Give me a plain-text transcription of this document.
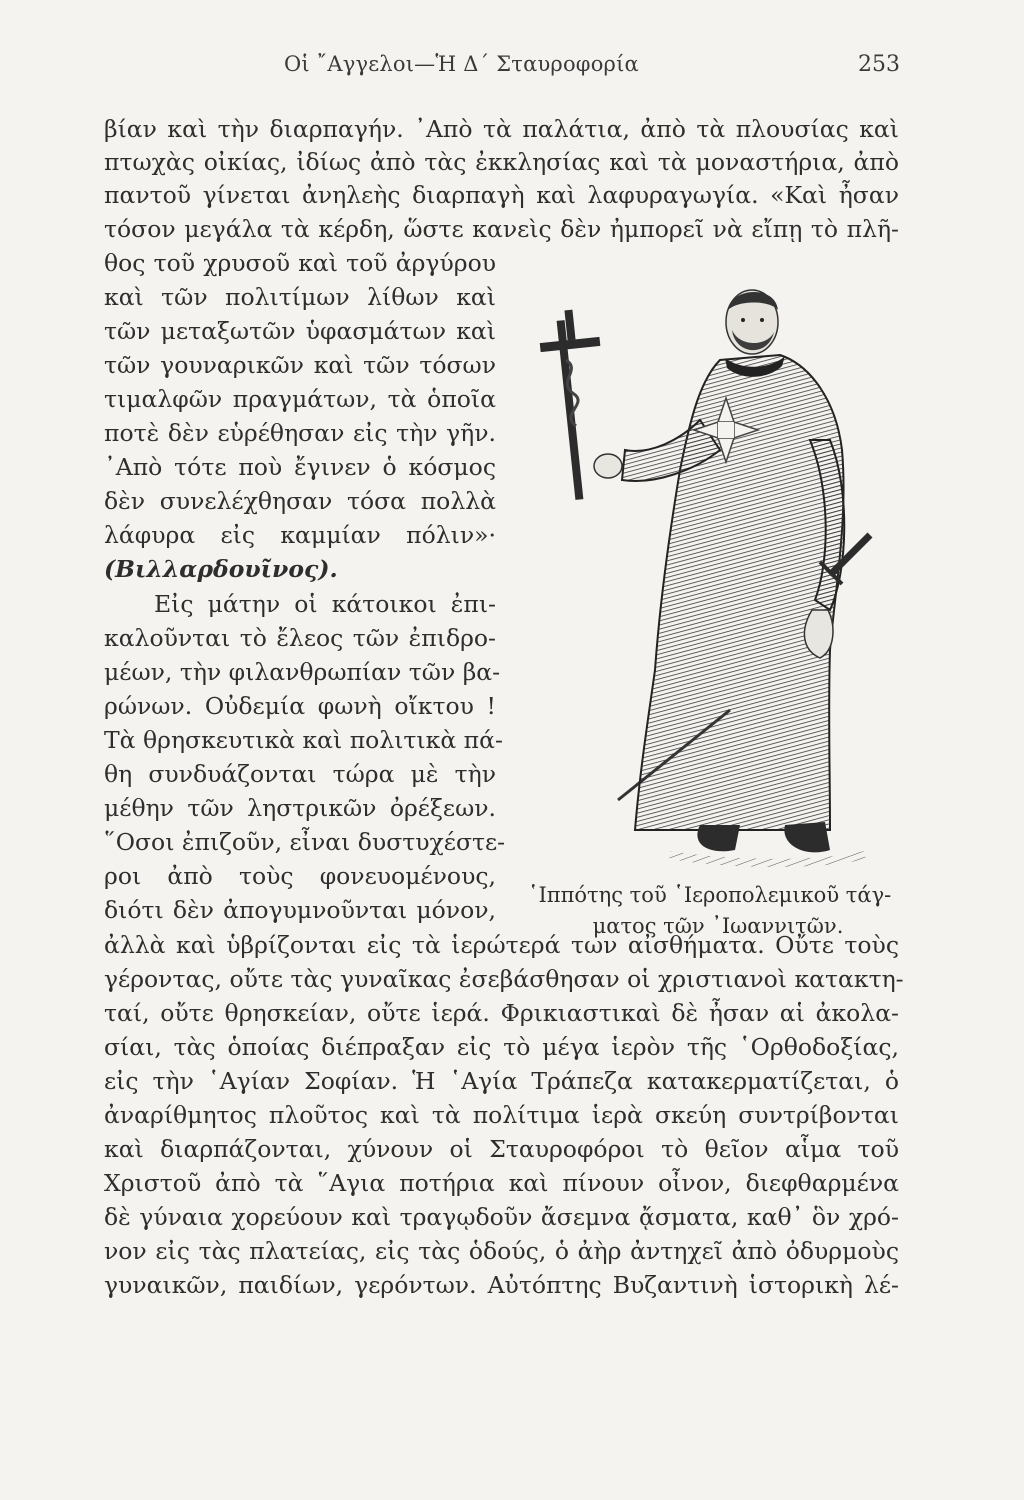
Οἱ ῎Αγγελοι—Ἡ Δ΄ Σταυροφορία	253
βίαν καὶ τὴν διαρπαγήν. ᾿Απὸ τὰ παλάτια, ἀπὸ τὰ πλουσίας καὶ
πτωχὰς οἰκίας, ἰδίως ἀπὸ τὰς ἐκκλησίας καὶ τὰ μοναστήρια, ἀπὸ
παντοῦ γίνεται ἀνηλεὴς διαρπαγὴ καὶ λαφυραγωγία. «Καὶ ἦσαν
τόσον μεγάλα τὰ κέρδη, ὥστε κανεὶς δὲν ἠμπορεῖ νὰ εἴπῃ τὸ πλῆ-
θος τοῦ χρυσοῦ καὶ τοῦ ἀργύρου
καὶ τῶν πολιτίμων λίθων καὶ
τῶν μεταξωτῶν ὑφασμάτων καὶ
τῶν γουναρικῶν καὶ τῶν τόσων
τιμαλφῶν πραγμάτων, τὰ ὁποῖα
ποτὲ δὲν εὑρέθησαν εἰς τὴν γῆν.
᾿Απὸ τότε ποὺ ἔγινεν ὁ κόσμος
δὲν συνελέχθησαν τόσα πολλὰ
λάφυρα εἰς καμμίαν πόλιν»·
(Βιλλαρδουῖνος).
Εἰς μάτην οἱ κάτοικοι ἐπι-
καλοῦνται τὸ ἔλεος τῶν ἐπιδρο-
μέων, τὴν φιλανθρωπίαν τῶν βα-
ρώνων. Οὐδεμία φωνὴ οἴκτου !
Τὰ θρησκευτικὰ καὶ πολιτικὰ πά-
θη συνδυάζονται τώρα μὲ τὴν
μέθην τῶν ληστρικῶν ὀρέξεων.
῞Οσοι ἐπιζοῦν, εἶναι δυστυχέστε-
ροι ἀπὸ τοὺς φονευομένους,
διότι δὲν ἀπογυμνοῦνται μόνον,
ἀλλὰ καὶ ὑβρίζονται εἰς τὰ ἱερώτερά των αἰσθήματα. Οὔτε τοὺς
γέροντας, οὔτε τὰς γυναῖκας ἐσεβάσθησαν οἱ χριστιανοὶ κατακτη-
ταί, οὔτε θρησκείαν, οὔτε ἱερά. Φρικιαστικαὶ δὲ ἦσαν αἱ ἀκολα-
σίαι, τὰς ὁποίας διέπραξαν εἰς τὸ μέγα ἱερὸν τῆς ῾Ορθοδοξίας,
εἰς τὴν ῾Αγίαν Σοφίαν. Ἡ ῾Αγία Τράπεζα κατακερματίζεται, ὁ
ἀναρίθμητος πλοῦτος καὶ τὰ πολίτιμα ἱερὰ σκεύη συντρίβονται
καὶ διαρπάζονται, χύνουν οἱ Σταυροφόροι τὸ θεῖον αἷμα τοῦ
Χριστοῦ ἀπὸ τὰ ῞Αγια ποτήρια καὶ πίνουν οἶνον, διεφθαρμένα
δὲ γύναια χορεύουν καὶ τραγῳδοῦν ἄσεμνα ᾄσματα, καθ᾿ ὃν χρό-
νον εἰς τὰς πλατείας, εἰς τὰς ὁδούς, ὁ ἀὴρ ἀντηχεῖ ἀπὸ ὀδυρμοὺς
γυναικῶν, παιδίων, γερόντων. Αὐτόπτης Βυζαντινὴ ἱστορικὴ λέ-
῾Ιππότης τοῦ ῾Ιεροπολεμικοῦ τάγ-
ματος τῶν ᾿Ιωαννιτῶν.
